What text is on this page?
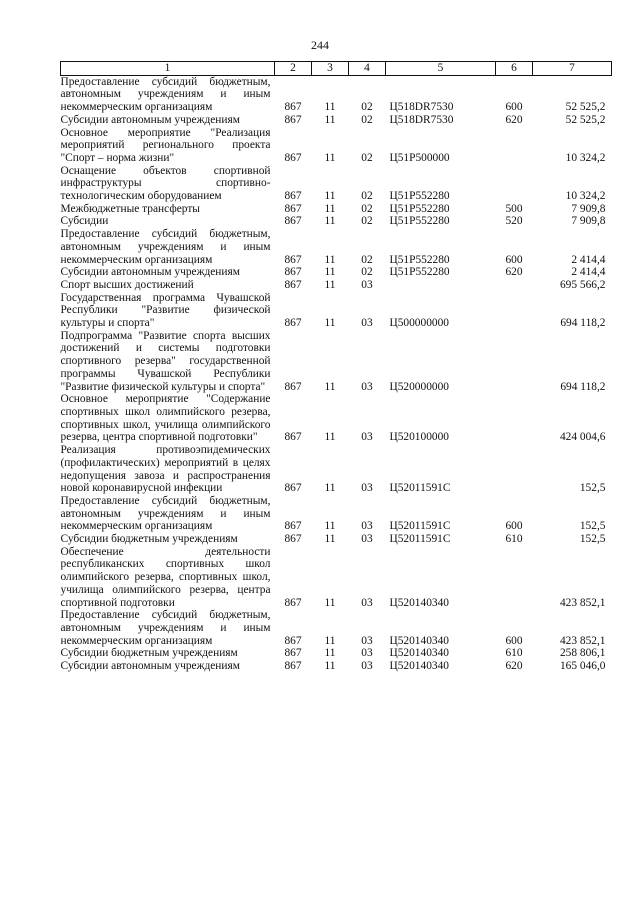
244
1	2	3	4	5	6	7
Предоставление субсидий бюджетным, автономным учреждениям и иным некоммерческим организациям	867	11	02	Ц518DR7530	600	52 525,2
Субсидии автономным учреждениям	867	11	02	Ц518DR7530	620	52 525,2
Основное мероприятие "Реализация мероприятий регионального проекта "Спорт – норма жизни"	867	11	02	Ц51Р500000		10 324,2
Оснащение объектов спортивной инфраструктуры спортивно-технологическим оборудованием	867	11	02	Ц51Р552280		10 324,2
Межбюджетные трансферты	867	11	02	Ц51Р552280	500	7 909,8
Субсидии	867	11	02	Ц51Р552280	520	7 909,8
Предоставление субсидий бюджетным, автономным учреждениям и иным некоммерческим организациям	867	11	02	Ц51Р552280	600	2 414,4
Субсидии автономным учреждениям	867	11	02	Ц51Р552280	620	2 414,4
Спорт высших достижений	867	11	03			695 566,2
Государственная программа Чувашской Республики "Развитие физической культуры и спорта"	867	11	03	Ц500000000		694 118,2
Подпрограмма "Развитие спорта высших достижений и системы подготовки спортивного резерва" государственной программы Чувашской Республики "Развитие физической культуры и спорта"	867	11	03	Ц520000000		694 118,2
Основное мероприятие "Содержание спортивных школ олимпийского резерва, спортивных школ, училища олимпийского резерва, центра спортивной подготовки"	867	11	03	Ц520100000		424 004,6
Реализация противоэпидемических (профилактических) мероприятий в целях недопущения завоза и распространения новой коронавирусной инфекции	867	11	03	Ц52011591С		152,5
Предоставление субсидий бюджетным, автономным учреждениям и иным некоммерческим организациям	867	11	03	Ц52011591С	600	152,5
Субсидии бюджетным учреждениям	867	11	03	Ц52011591С	610	152,5
Обеспечение деятельности республиканских спортивных школ олимпийского резерва, спортивных школ, училища олимпийского резерва, центра спортивной подготовки	867	11	03	Ц520140340		423 852,1
Предоставление субсидий бюджетным, автономным учреждениям и иным некоммерческим организациям	867	11	03	Ц520140340	600	423 852,1
Субсидии бюджетным учреждениям	867	11	03	Ц520140340	610	258 806,1
Субсидии автономным учреждениям	867	11	03	Ц520140340	620	165 046,0
